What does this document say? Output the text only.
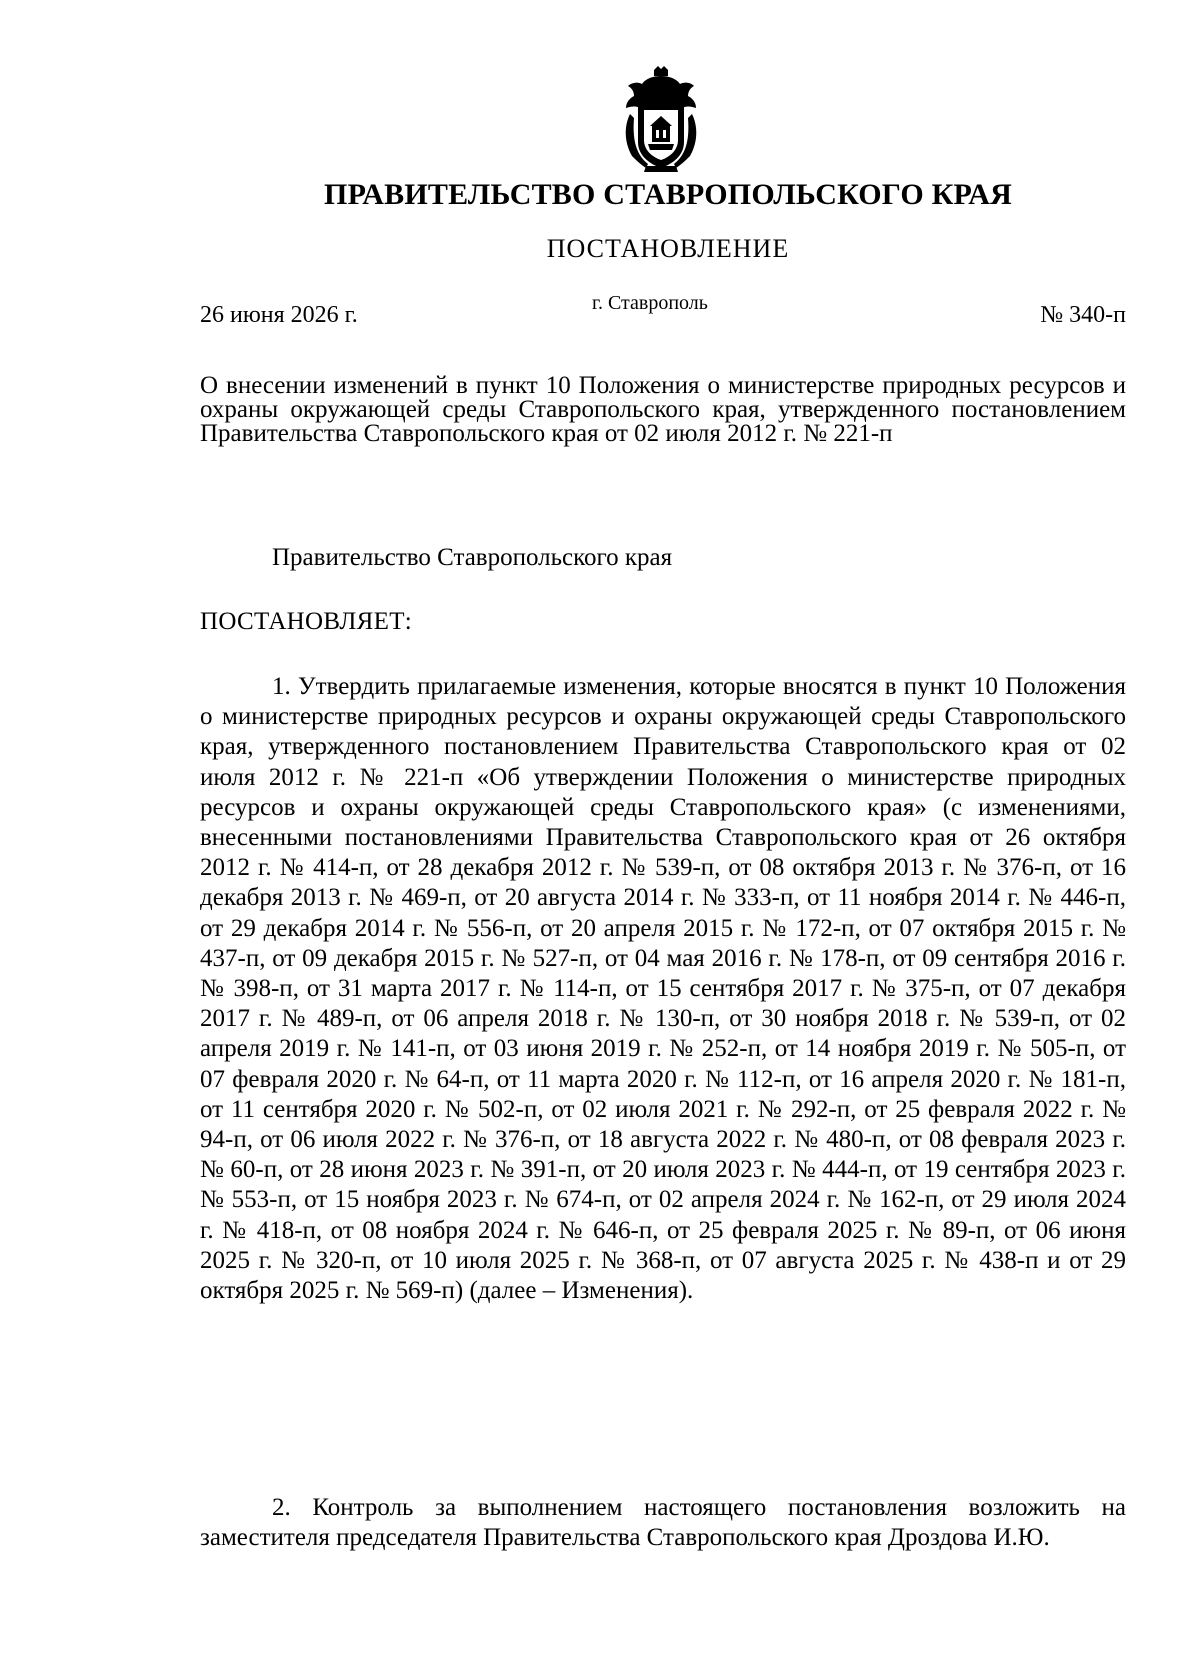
ПРАВИТЕЛЬСТВО СТАВРОПОЛЬСКОГО КРАЯ
ПОСТАНОВЛЕНИЕ
26 июня 2026 г.	г. Ставрополь	№ 340-п
О внесении изменений в пункт 10 Положения о министерстве природных ресурсов и охраны окружающей среды Ставропольского края, утвержденного постановлением Правительства Ставропольского края от 02 июля 2012 г. № 221-п
Правительство Ставропольского края
ПОСТАНОВЛЯЕТ:
1. Утвердить прилагаемые изменения, которые вносятся в пункт 10 Положения о министерстве природных ресурсов и охраны окружающей среды Ставропольского края, утвержденного постановлением Правительства Ставропольского края от 02 июля 2012 г. № 221-п «Об утверждении Положения о министерстве природных ресурсов и охраны окружающей среды Ставропольского края» (с изменениями, внесенными постановлениями Правительства Ставропольского края от 26 октября 2012 г. № 414-п, от 28 декабря 2012 г. № 539-п, от 08 октября 2013 г. № 376-п, от 16 декабря 2013 г. № 469-п, от 20 августа 2014 г. № 333-п, от 11 ноября 2014 г. № 446-п, от 29 декабря 2014 г. № 556-п, от 20 апреля 2015 г. № 172-п, от 07 октября 2015 г. № 437-п, от 09 декабря 2015 г. № 527-п, от 04 мая 2016 г. № 178-п, от 09 сентября 2016 г. № 398-п, от 31 марта 2017 г. № 114-п, от 15 сентября 2017 г. № 375-п, от 07 декабря 2017 г. № 489-п, от 06 апреля 2018 г. № 130-п, от 30 ноября 2018 г. № 539-п, от 02 апреля 2019 г. № 141-п, от 03 июня 2019 г. № 252-п, от 14 ноября 2019 г. № 505-п, от 07 февраля 2020 г. № 64-п, от 11 марта 2020 г. № 112-п, от 16 апреля 2020 г. № 181-п, от 11 сентября 2020 г. № 502-п, от 02 июля 2021 г. № 292-п, от 25 февраля 2022 г. № 94-п, от 06 июля 2022 г. № 376-п, от 18 августа 2022 г. № 480-п, от 08 февраля 2023 г. № 60-п, от 28 июня 2023 г. № 391-п, от 20 июля 2023 г. № 444-п, от 19 сентября 2023 г. № 553-п, от 15 ноября 2023 г. № 674-п, от 02 апреля 2024 г. № 162-п, от 29 июля 2024 г. № 418-п, от 08 ноября 2024 г. № 646-п, от 25 февраля 2025 г. № 89-п, от 06 июня 2025 г. № 320-п, от 10 июля 2025 г. № 368-п, от 07 августа 2025 г. № 438-п и от 29 октября 2025 г. № 569-п) (далее – Изменения).
2. Контроль за выполнением настоящего постановления возложить на заместителя председателя Правительства Ставропольского края Дроздова И.Ю.
